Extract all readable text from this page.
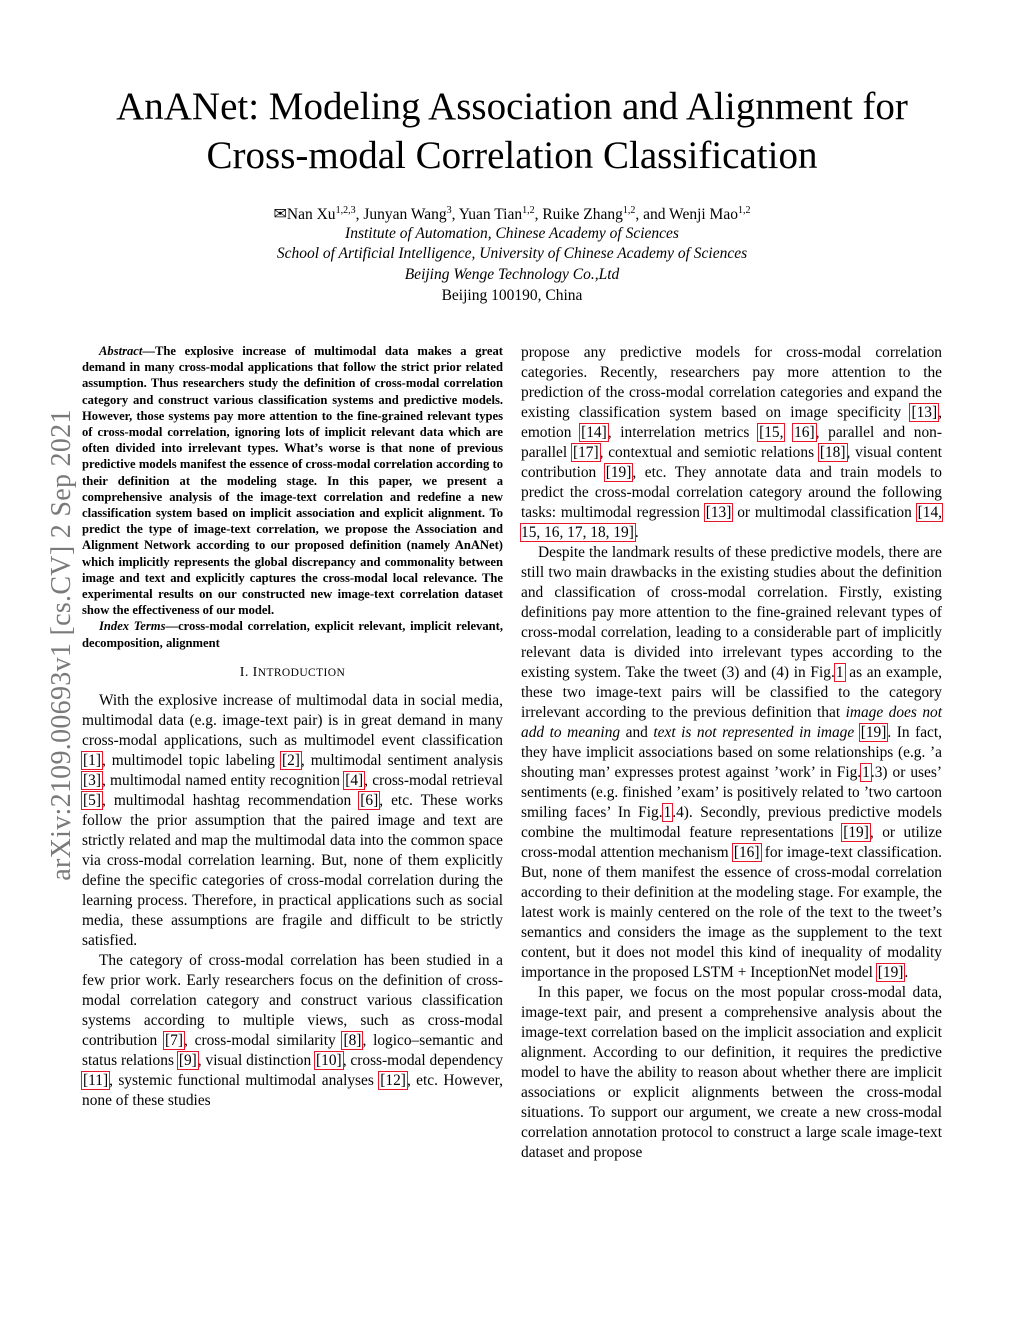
arXiv:2109.00693v1 [cs.CV] 2 Sep 2021
AnANet: Modeling Association and Alignment for
Cross-modal Correlation Classification
✉Nan Xu$^{1,2,3}$, Junyan Wang$^3$, Yuan Tian$^{1,2}$, Ruike Zhang$^{1,2}$, and Wenji Mao$^{1,2}$
Institute of Automation, Chinese Academy of Sciences
School of Artificial Intelligence, University of Chinese Academy of Sciences
Beijing Wenge Technology Co.,Ltd
Beijing 100190, China

Abstract—The explosive increase of multimodal data makes a great demand in many cross-modal applications that follow the strict prior related assumption. Thus researchers study the definition of cross-modal correlation category and construct various classification systems and predictive models. However, those systems pay more attention to the fine-grained relevant types of cross-modal correlation, ignoring lots of implicit relevant data which are often divided into irrelevant types. What’s worse is that none of previous predictive models manifest the essence of cross-modal correlation according to their definition at the modeling stage. In this paper, we present a comprehensive analysis of the image-text correlation and redefine a new classification system based on implicit association and explicit alignment. To predict the type of image-text correlation, we propose the Association and Alignment Network according to our proposed definition (namely AnANet) which implicitly represents the global discrepancy and commonality between image and text and explicitly captures the cross-modal local relevance. The experimental results on our constructed new image-text correlation dataset show the effectiveness of our model.

Index Terms—cross-modal correlation, explicit relevant, implicit relevant, decomposition, alignment

I. INTRODUCTION

With the explosive increase of multimodal data in social media, multimodal data (e.g. image-text pair) is in great demand in many cross-modal applications, such as multimodel event classification [1], multimodel topic labeling [2], multimodal sentiment analysis [3], multimodal named entity recognition [4], cross-modal retrieval [5], multimodal hashtag recommendation [6], etc. These works follow the prior assumption that the paired image and text are strictly related and map the multimodal data into the common space via cross-modal correlation learning. But, none of them explicitly define the specific categories of cross-modal correlation during the learning process. Therefore, in practical applications such as social media, these assumptions are fragile and difficult to be strictly satisfied.

The category of cross-modal correlation has been studied in a few prior work. Early researchers focus on the definition of cross-modal correlation category and construct various classification systems according to multiple views, such as cross-modal contribution [7], cross-modal similarity [8], logico–semantic and status relations [9], visual distinction [10], cross-modal dependency [11], systemic functional multimodal analyses [12], etc. However, none of these studies

propose any predictive models for cross-modal correlation categories. Recently, researchers pay more attention to the prediction of the cross-modal correlation categories and expand the existing classification system based on image specificity [13], emotion [14], interrelation metrics [15, 16], parallel and non-parallel [17], contextual and semiotic relations [18], visual content contribution [19], etc. They annotate data and train models to predict the cross-modal correlation category around the following tasks: multimodal regression [13] or multimodal classification [14, 15, 16, 17, 18, 19].

Despite the landmark results of these predictive models, there are still two main drawbacks in the existing studies about the definition and classification of cross-modal correlation. Firstly, existing definitions pay more attention to the fine-grained relevant types of cross-modal correlation, leading to a considerable part of implicitly relevant data is divided into irrelevant types according to the existing system. Take the tweet (3) and (4) in Fig.1 as an example, these two image-text pairs will be classified to the category irrelevant according to the previous definition that image does not add to meaning and text is not represented in image [19]. In fact, they have implicit associations based on some relationships (e.g. ’a shouting man’ expresses protest against ’work’ in Fig.1.3) or uses’ sentiments (e.g. finished ’exam’ is positively related to ’two cartoon smiling faces’ In Fig.1.4). Secondly, previous predictive models combine the multimodal feature representations [19], or utilize cross-modal attention mechanism [16] for image-text classification. But, none of them manifest the essence of cross-modal correlation according to their definition at the modeling stage. For example, the latest work is mainly centered on the role of the text to the tweet’s semantics and considers the image as the supplement to the text content, but it does not model this kind of inequality of modality importance in the proposed LSTM + InceptionNet model [19].

In this paper, we focus on the most popular cross-modal data, image-text pair, and present a comprehensive analysis about the image-text correlation based on the implicit association and explicit alignment. According to our definition, it requires the predictive model to have the ability to reason about whether there are implicit associations or explicit alignments between the cross-modal situations. To support our argument, we create a new cross-modal correlation annotation protocol to construct a large scale image-text dataset and propose
